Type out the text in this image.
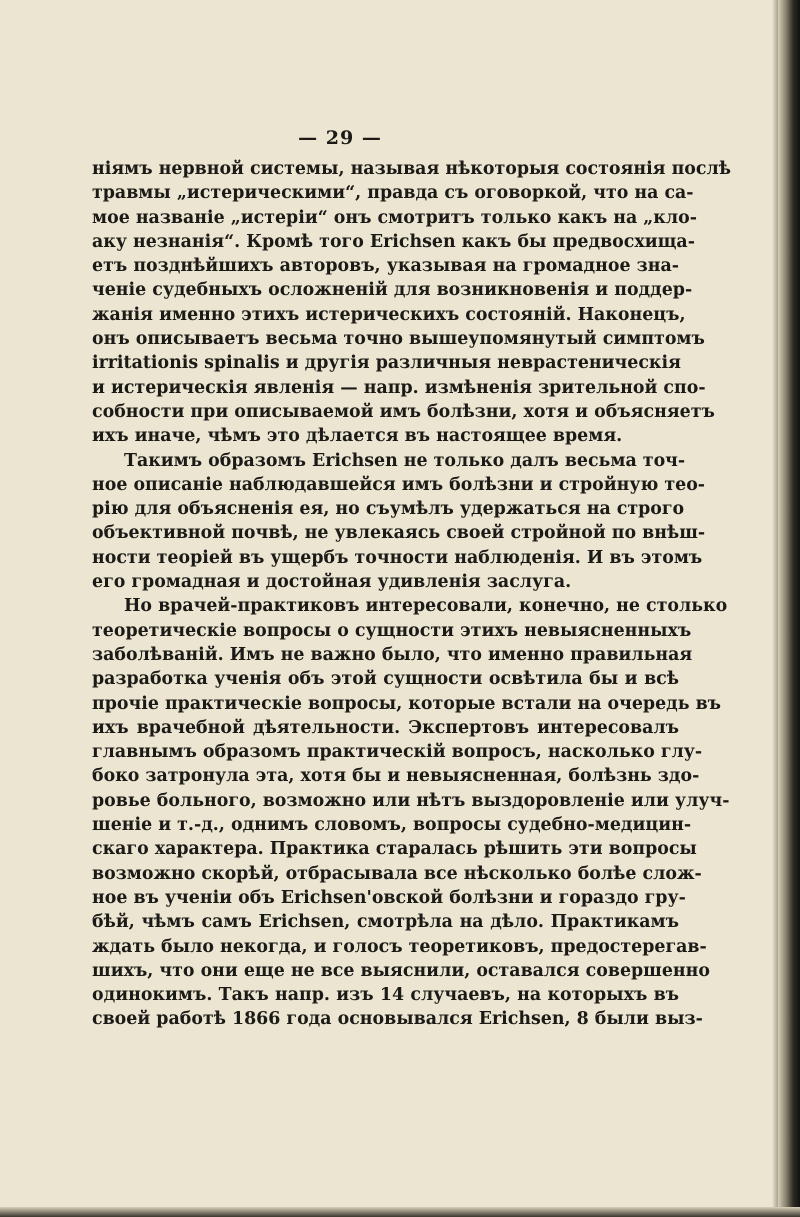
— 29 —
ніямъ нервной системы, называя нѣкоторыя состоянія послѣ
травмы „истерическими“, правда съ оговоркой, что на са-
мое названіе „истеріи“ онъ смотритъ только какъ на „кло-
аку незнанія“. Кромѣ того Erichsen какъ бы предвосхища-
етъ позднѣйшихъ авторовъ, указывая на громадное зна-
ченіе судебныхъ осложненій для возникновенія и поддер-
жанія именно этихъ истерическихъ состояній. Наконецъ,
онъ описываетъ весьма точно вышеупомянутый симптомъ
irritationis spinalis и другія различныя неврастеническія
и истерическія явленія — напр. измѣненія зрительной спо-
собности при описываемой имъ болѣзни, хотя и объясняетъ
ихъ иначе, чѣмъ это дѣлается въ настоящее время.
Такимъ образомъ Erichsen не только далъ весьма точ-
ное описаніе наблюдавшейся имъ болѣзни и стройную тео-
рію для объясненія ея, но съумѣлъ удержаться на строго
объективной почвѣ, не увлекаясь своей стройной по внѣш-
ности теоріей въ ущербъ точности наблюденія. И въ этомъ
его громадная и достойная удивленія заслуга.
Но врачей-практиковъ интересовали, конечно, не столько
теоретическіе вопросы о сущности этихъ невыясненныхъ
заболѣваній. Имъ не важно было, что именно правильная
разработка ученія объ этой сущности освѣтила бы и всѣ
прочіе практическіе вопросы, которые встали на очередь въ
ихъ врачебной дѣятельности. Экспертовъ интересовалъ
главнымъ образомъ практическій вопросъ, насколько глу-
боко затронула эта, хотя бы и невыясненная, болѣзнь здо-
ровье больного, возможно или нѣтъ выздоровленіе или улуч-
шеніе и т.-д., однимъ словомъ, вопросы судебно-медицин-
скаго характера. Практика старалась рѣшить эти вопросы
возможно скорѣй, отбрасывала все нѣсколько болѣе слож-
ное въ ученіи объ Erichsen'овской болѣзни и гораздо гру-
бѣй, чѣмъ самъ Erichsen, смотрѣла на дѣло. Практикамъ
ждать было некогда, и голосъ теоретиковъ, предостерегав-
шихъ, что они еще не все выяснили, оставался совершенно
одинокимъ. Такъ напр. изъ 14 случаевъ, на которыхъ въ
своей работѣ 1866 года основывался Erichsen, 8 были выз-
